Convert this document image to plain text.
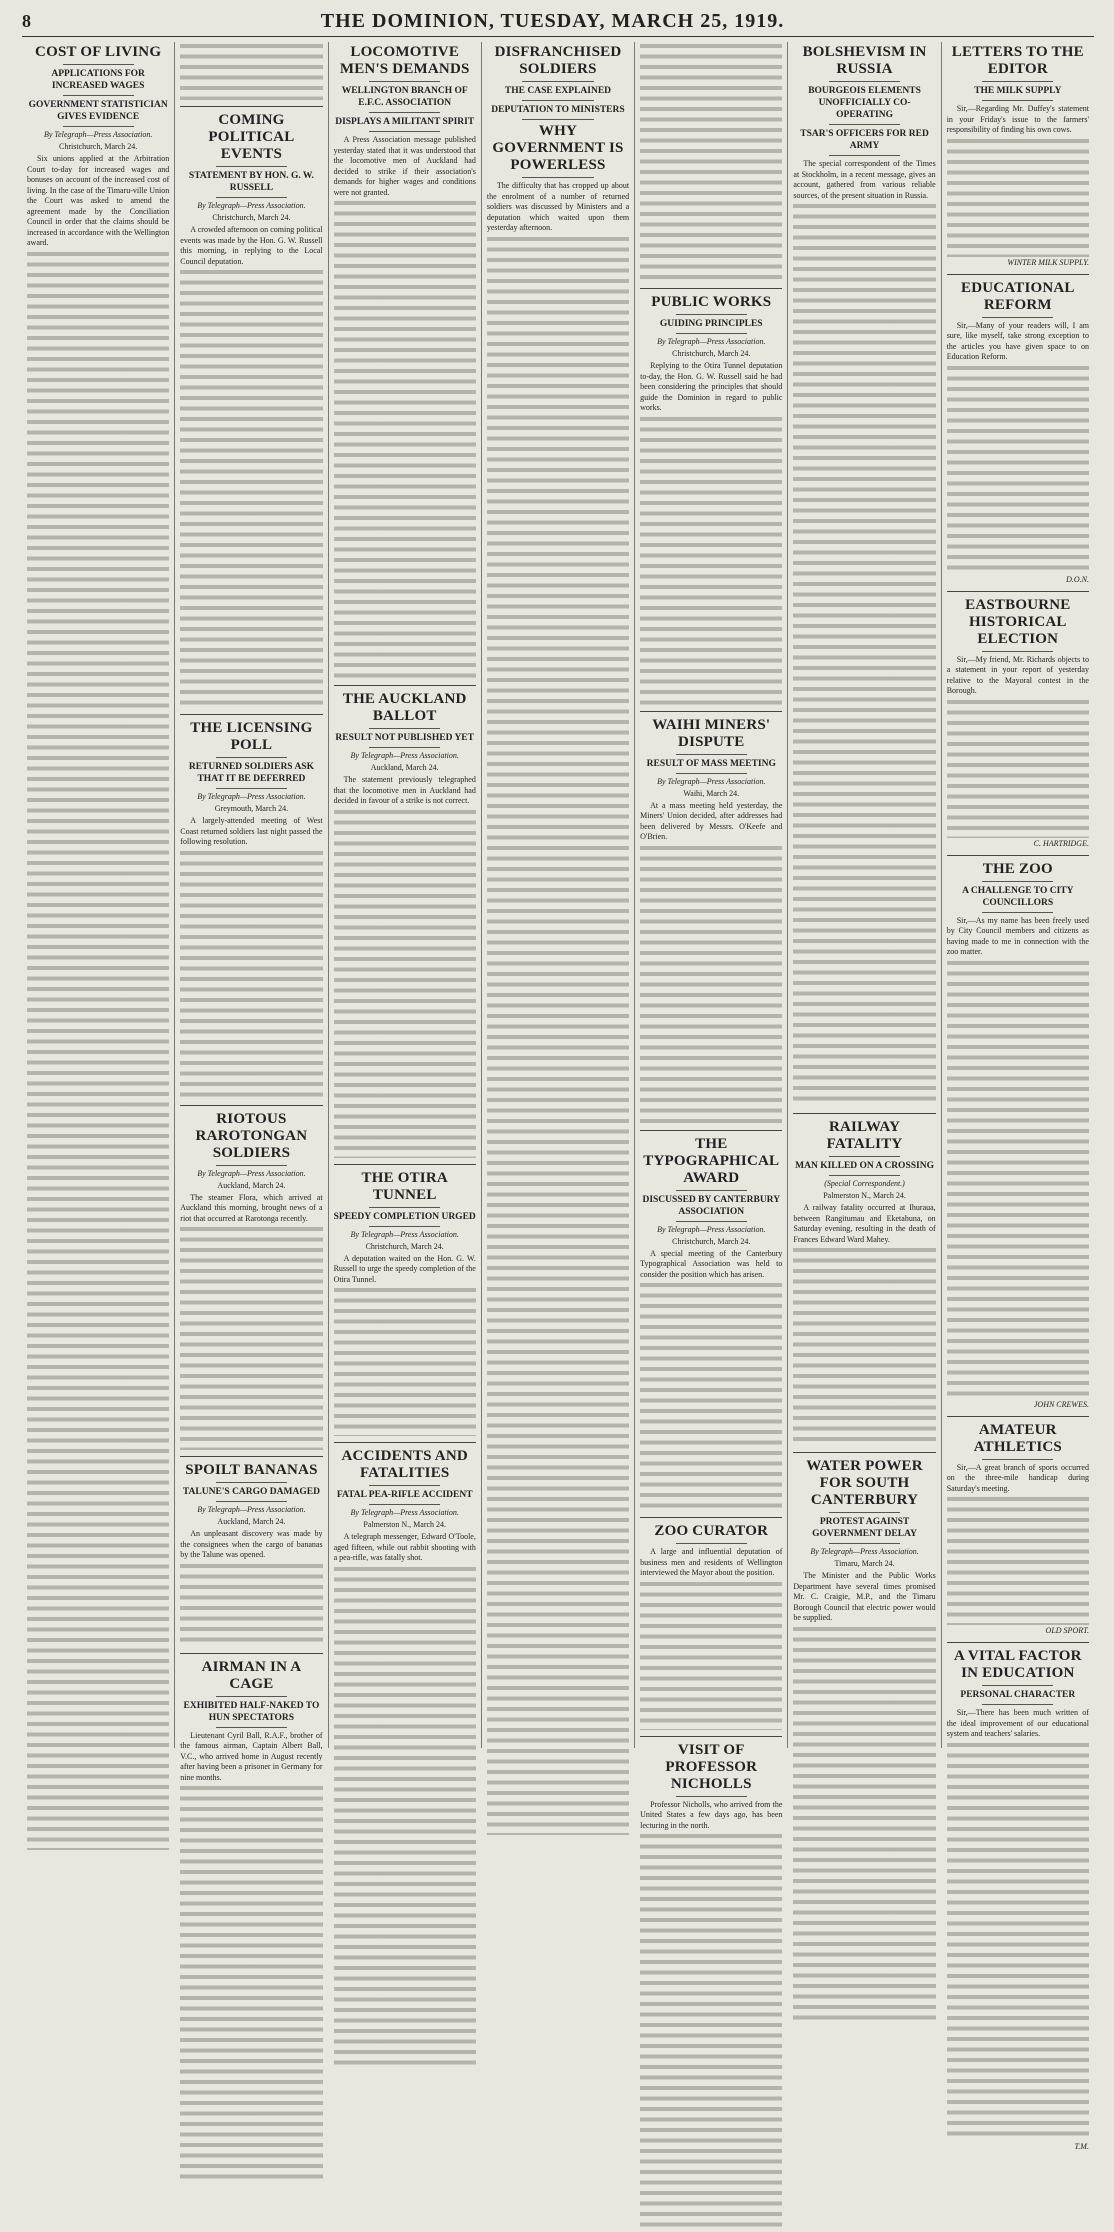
8	THE DOMINION, TUESDAY, MARCH 25, 1919.
COST OF LIVING
APPLICATIONS FOR INCREASED WAGES
GOVERNMENT STATISTICIAN GIVES EVIDENCE
By Telegraph—Press Association.
Christchurch, March 24.

Six unions applied at the Arbitration Court to-day for increased wages and bonuses on account of the increased cost of living. In the case of the Timaru-ville Union the Court was asked to amend the agreement made by the Conciliation Council in order that the claims should be increased in accordance with the Wellington award.

COMING POLITICAL EVENTS
STATEMENT BY HON. G. W. RUSSELL
By Telegraph—Press Association.
Christchurch, March 24.

A crowded afternoon on coming political events was made by the Hon. G. W. Russell this morning, in replying to the Local Council deputation.

THE LICENSING POLL
RETURNED SOLDIERS ASK THAT IT BE DEFERRED
By Telegraph—Press Association.
Greymouth, March 24.

A largely-attended meeting of West Coast returned soldiers last night passed the following resolution.

RIOTOUS RAROTONGAN SOLDIERS
By Telegraph—Press Association.
Auckland, March 24.

The steamer Flora, which arrived at Auckland this morning, brought news of a riot that occurred at Rarotonga recently.

SPOILT BANANAS
TALUNE'S CARGO DAMAGED
By Telegraph—Press Association.
Auckland, March 24.

An unpleasant discovery was made by the consignees when the cargo of bananas by the Talune was opened.

AIRMAN IN A CAGE
EXHIBITED HALF-NAKED TO HUN SPECTATORS

Lieutenant Cyril Ball, R.A.F., brother of the famous airman, Captain Albert Ball, V.C., who arrived home in August recently after having been a prisoner in Germany for nine months.

LOCOMOTIVE MEN'S DEMANDS
WELLINGTON BRANCH OF E.F.C. ASSOCIATION
DISPLAYS A MILITANT SPIRIT

A Press Association message published yesterday stated that it was understood that the locomotive men of Auckland had decided to strike if their association's demands for higher wages and conditions were not granted.

THE AUCKLAND BALLOT
RESULT NOT PUBLISHED YET
By Telegraph—Press Association.
Auckland, March 24.

The statement previously telegraphed that the locomotive men in Auckland had decided in favour of a strike is not correct.

THE OTIRA TUNNEL
SPEEDY COMPLETION URGED
By Telegraph—Press Association.
Christchurch, March 24.

A deputation waited on the Hon. G. W. Russell to urge the speedy completion of the Otira Tunnel.

ACCIDENTS AND FATALITIES
FATAL PEA-RIFLE ACCIDENT
By Telegraph—Press Association.
Palmerston N., March 24.

A telegraph messenger, Edward O'Toole, aged fifteen, while out rabbit shooting with a pea-rifle, was fatally shot.

DISFRANCHISED SOLDIERS
THE CASE EXPLAINED
DEPUTATION TO MINISTERS
WHY GOVERNMENT IS POWERLESS

The difficulty that has cropped up about the enrolment of a number of returned soldiers was discussed by Ministers and a deputation which waited upon them yesterday afternoon.

PUBLIC WORKS
GUIDING PRINCIPLES
By Telegraph—Press Association.
Christchurch, March 24.

Replying to the Otira Tunnel deputation to-day, the Hon. G. W. Russell said he had been considering the principles that should guide the Dominion in regard to public works.

WAIHI MINERS' DISPUTE
RESULT OF MASS MEETING
By Telegraph—Press Association.
Waihi, March 24.

At a mass meeting held yesterday, the Miners' Union decided, after addresses had been delivered by Messrs. O'Keefe and O'Brien.

THE TYPOGRAPHICAL AWARD
DISCUSSED BY CANTERBURY ASSOCIATION
By Telegraph—Press Association.
Christchurch, March 24.

A special meeting of the Canterbury Typographical Association was held to consider the position which has arisen.

ZOO CURATOR

A large and influential deputation of business men and residents of Wellington interviewed the Mayor about the position.

VISIT OF PROFESSOR NICHOLLS

Professor Nicholls, who arrived from the United States a few days ago, has been lecturing in the north.

BOLSHEVISM IN RUSSIA
BOURGEOIS ELEMENTS UNOFFICIALLY CO-OPERATING
TSAR'S OFFICERS FOR RED ARMY

The special correspondent of the Times at Stockholm, in a recent message, gives an account, gathered from various reliable sources, of the present situation in Russia.

RAILWAY FATALITY
MAN KILLED ON A CROSSING
(Special Correspondent.)
Palmerston N., March 24.

A railway fatality occurred at Ihuraua, between Rangitumau and Eketahuna, on Saturday evening, resulting in the death of Frances Edward Ward Mahey.

WATER POWER FOR SOUTH CANTERBURY
PROTEST AGAINST GOVERNMENT DELAY
By Telegraph—Press Association.
Timaru, March 24.

The Minister and the Public Works Department have several times promised Mr. C. Craigie, M.P., and the Timaru Borough Council that electric power would be supplied.

LETTERS TO THE EDITOR
THE MILK SUPPLY

Sir,—Regarding Mr. Duffey's statement in your Friday's issue to the farmers' responsibility of finding his own cows.

WINTER MILK SUPPLY.
EDUCATIONAL REFORM

Sir,—Many of your readers will, I am sure, like myself, take strong exception to the articles you have given space to on Education Reform.

D.O.N.
EASTBOURNE HISTORICAL ELECTION

Sir,—My friend, Mr. Richards objects to a statement in your report of yesterday relative to the Mayoral contest in the Borough.

C. HARTRIDGE.
THE ZOO
A CHALLENGE TO CITY COUNCILLORS

Sir,—As my name has been freely used by City Council members and citizens as having made to me in connection with the zoo matter.

JOHN CREWES.
AMATEUR ATHLETICS

Sir,—A great branch of sports occurred on the three-mile handicap during Saturday's meeting.

OLD SPORT.
A VITAL FACTOR IN EDUCATION
PERSONAL CHARACTER

Sir,—There has been much written of the ideal improvement of our educational system and teachers' salaries.

T.M.
